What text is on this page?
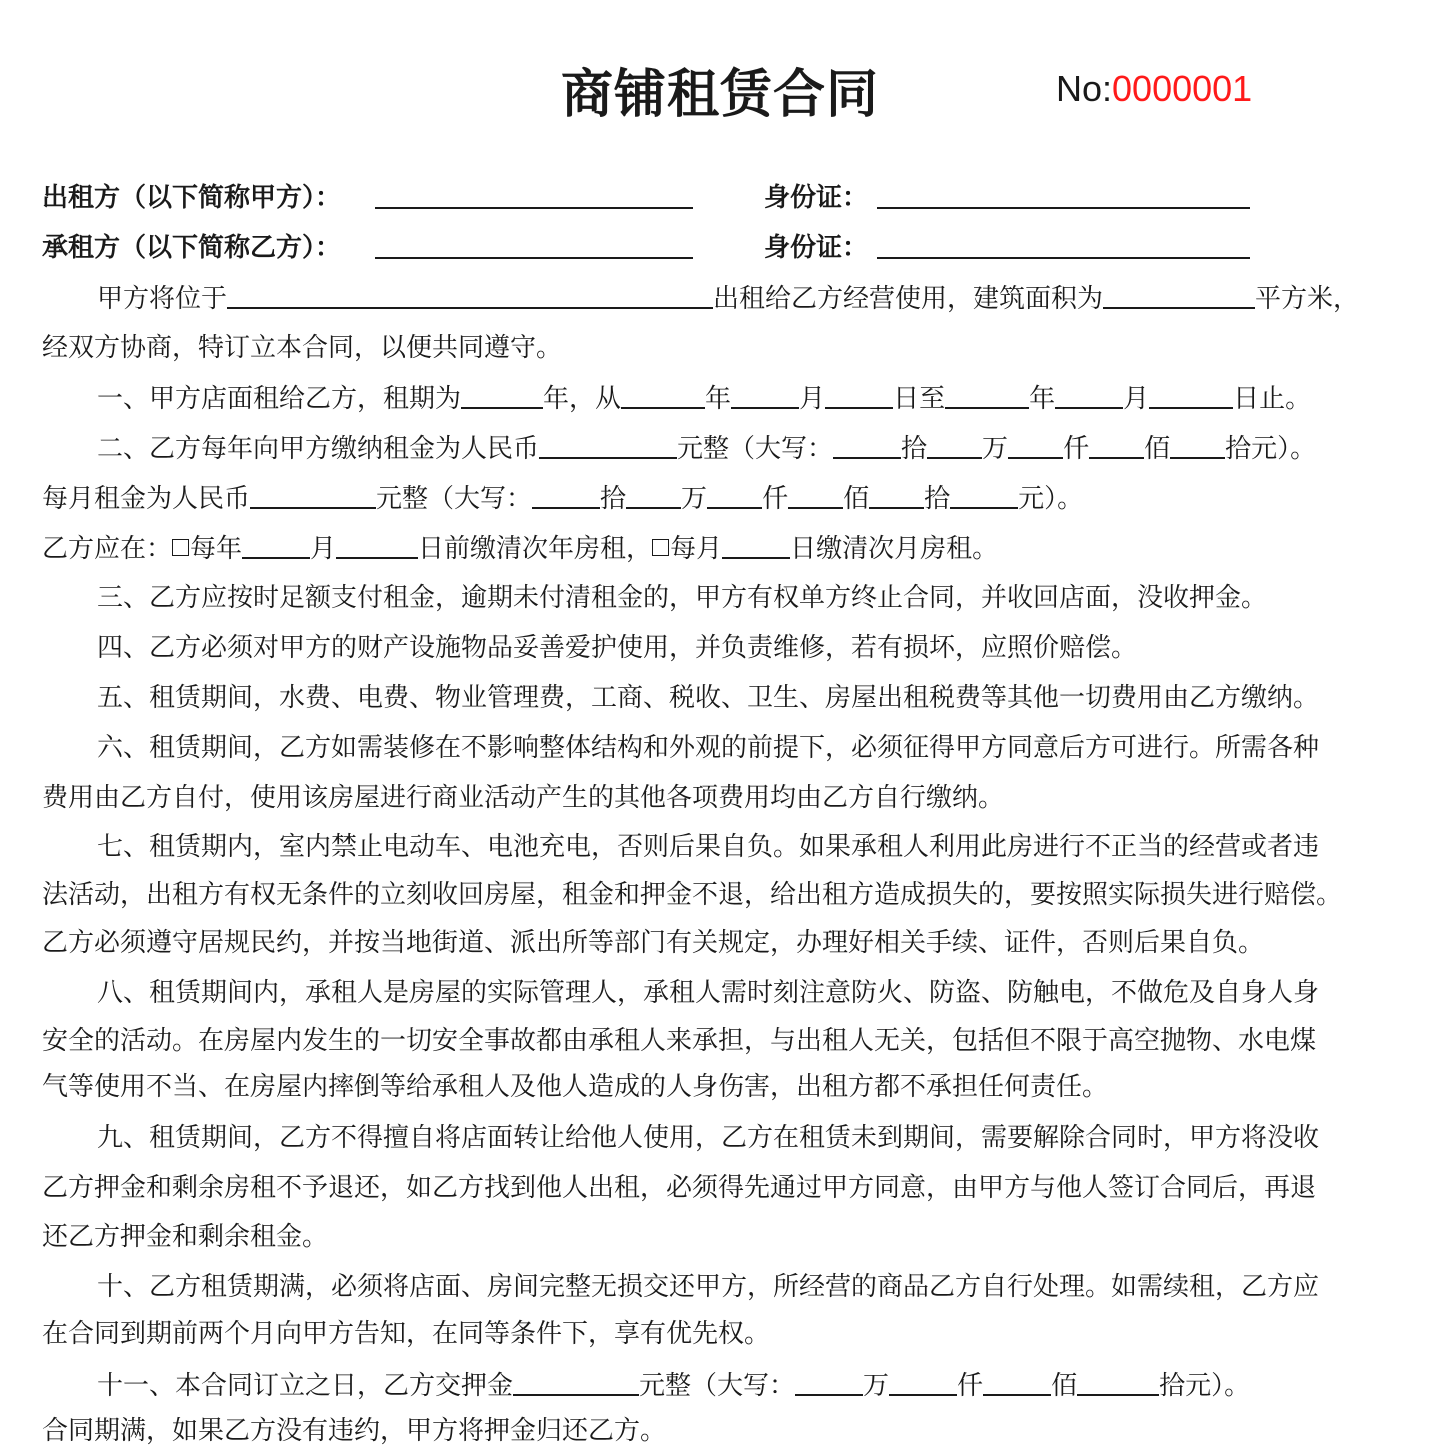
商铺租赁合同	No:0000001
出租方（以下简称甲方）：	身份证：
承租方（以下简称乙方）：	身份证：
甲方将位于	出租给乙方经营使用，建筑面积为	平方米，
经双方协商，特订立本合同，以便共同遵守。
一、甲方店面租给乙方，租期为	年，从	年	月	日至	年	月	日止。
二、乙方每年向甲方缴纳租金为人民币	元整（大写：	拾 万 仟 佰 拾元）。
每月租金为人民币	元整（大写：	拾 万 仟 佰 拾	元）。
乙方应在： 每年	月	日前缴清次年房租， 每月	日缴清次月房租。
三、乙方应按时足额支付租金，逾期未付清租金的，甲方有权单方终止合同，并收回店面，没收押金。
四、乙方必须对甲方的财产设施物品妥善爱护使用，并负责维修，若有损坏，应照价赔偿。
五、租赁期间，水费、电费、物业管理费，工商、税收、卫生、房屋出租税费等其他一切费用由乙方缴纳。
六、租赁期间，乙方如需装修在不影响整体结构和外观的前提下，必须征得甲方同意后方可进行。所需各种
费用由乙方自付，使用该房屋进行商业活动产生的其他各项费用均由乙方自行缴纳。
七、租赁期内，室内禁止电动车、电池充电，否则后果自负。如果承租人利用此房进行不正当的经营或者违
法活动，出租方有权无条件的立刻收回房屋，租金和押金不退，给出租方造成损失的，要按照实际损失进行赔偿。
乙方必须遵守居规民约，并按当地街道、派出所等部门有关规定，办理好相关手续、证件，否则后果自负。
八、租赁期间内，承租人是房屋的实际管理人，承租人需时刻注意防火、防盗、防触电，不做危及自身人身
安全的活动。在房屋内发生的一切安全事故都由承租人来承担，与出租人无关，包括但不限于高空抛物、水电煤
气等使用不当、在房屋内摔倒等给承租人及他人造成的人身伤害，出租方都不承担任何责任。
九、租赁期间，乙方不得擅自将店面转让给他人使用，乙方在租赁未到期间，需要解除合同时，甲方将没收
乙方押金和剩余房租不予退还，如乙方找到他人出租，必须得先通过甲方同意，由甲方与他人签订合同后，再退
还乙方押金和剩余租金。
十、乙方租赁期满，必须将店面、房间完整无损交还甲方，所经营的商品乙方自行处理。如需续租，乙方应
在合同到期前两个月向甲方告知，在同等条件下，享有优先权。
十一、本合同订立之日，乙方交押金	元整（大写：	万	仟	佰	拾元）。
合同期满，如果乙方没有违约，甲方将押金归还乙方。
